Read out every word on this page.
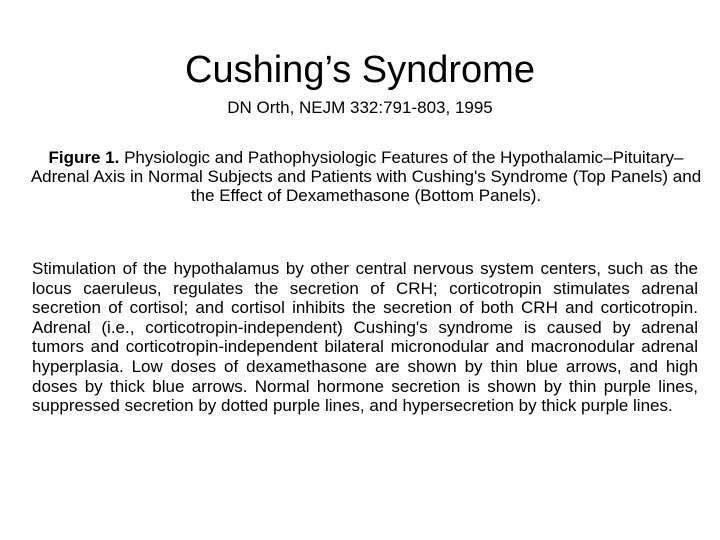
Cushing’s Syndrome

DN Orth, NEJM 332:791-803, 1995

Figure 1. Physiologic and Pathophysiologic Features of the Hypothalamic–Pituitary–Adrenal Axis in Normal Subjects and Patients with Cushing's Syndrome (Top Panels) and the Effect of Dexamethasone (Bottom Panels).

Stimulation of the hypothalamus by other central nervous system centers, such as the locus caeruleus, regulates the secretion of CRH; corticotropin stimulates adrenal secretion of cortisol; and cortisol inhibits the secretion of both CRH and corticotropin. Adrenal (i.e., corticotropin-independent) Cushing's syndrome is caused by adrenal tumors and corticotropin-independent bilateral micronodular and macronodular adrenal hyperplasia. Low doses of dexamethasone are shown by thin blue arrows, and high doses by thick blue arrows. Normal hormone secretion is shown by thin purple lines, suppressed secretion by dotted purple lines, and hypersecretion by thick purple lines.
